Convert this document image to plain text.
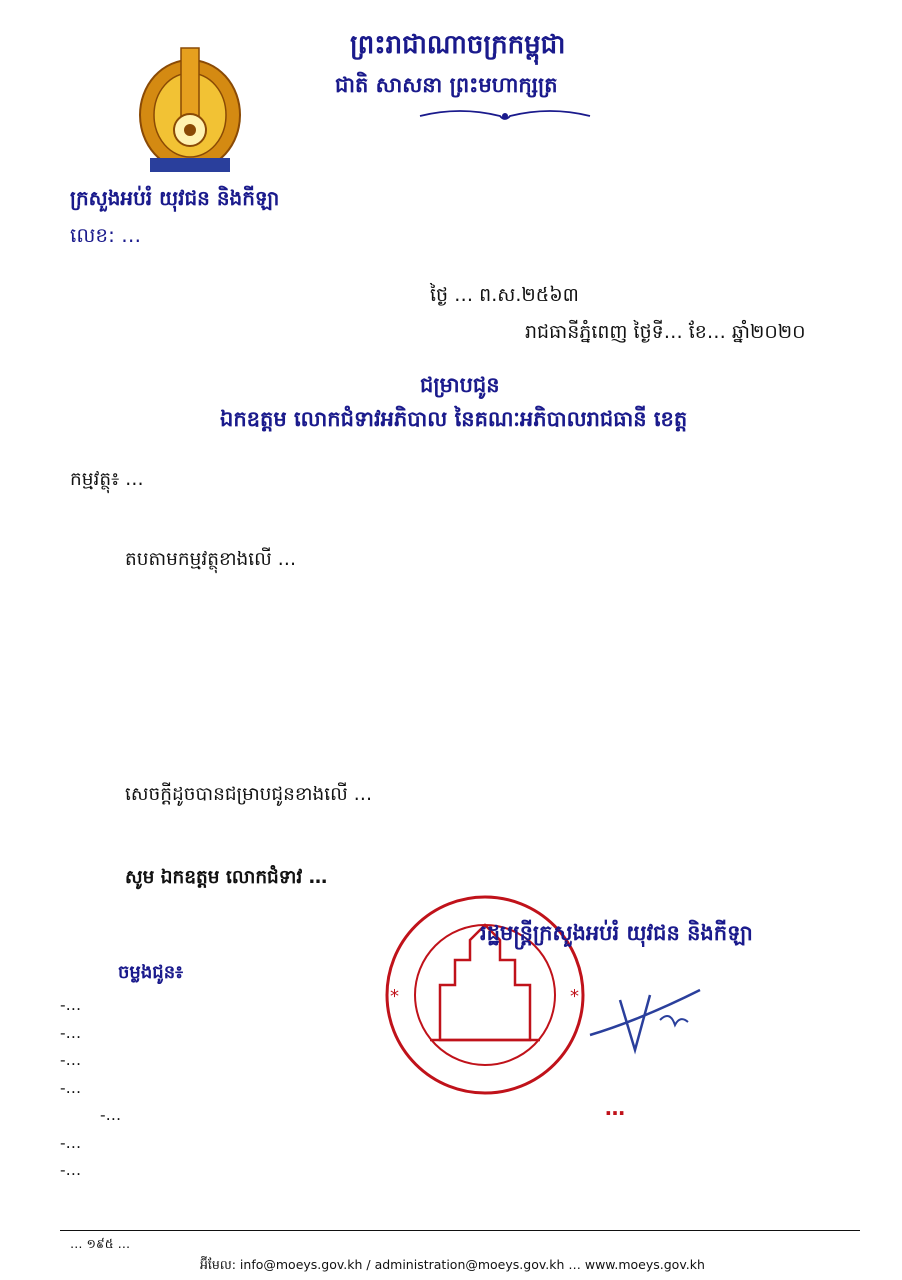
ព្រះរាជាណាចក្រកម្ពុជា
ជាតិ សាសនា ព្រះមហាក្សត្រ
ក្រសួងអប់រំ យុវជន និងកីឡា
លេខ: …
ថ្ងៃ … ព.ស.២៥៦៣
រាជធានីភ្នំពេញ ថ្ងៃទី… ខែ… ឆ្នាំ២០២០
ជម្រាបជូន
ឯកឧត្តម លោកជំទាវអភិបាល នៃគណៈអភិបាលរាជធានី ខេត្ត
កម្មវត្ថុ៖ …
តបតាមកម្មវត្ថុខាងលើ …
សេចក្ដីដូចបានជម្រាបជូនខាងលើ …
សូម ឯកឧត្តម លោកជំទាវ …
*	*
រដ្ឋមន្ត្រីក្រសួងអប់រំ យុវជន និងកីឡា
…
ចម្លងជូន៖
-…
-…
-…
-…
-…
-…
-…
… ១៩៥ …
អ៊ីមែល: info@moeys.gov.kh / administration@moeys.gov.kh … www.moeys.gov.kh
